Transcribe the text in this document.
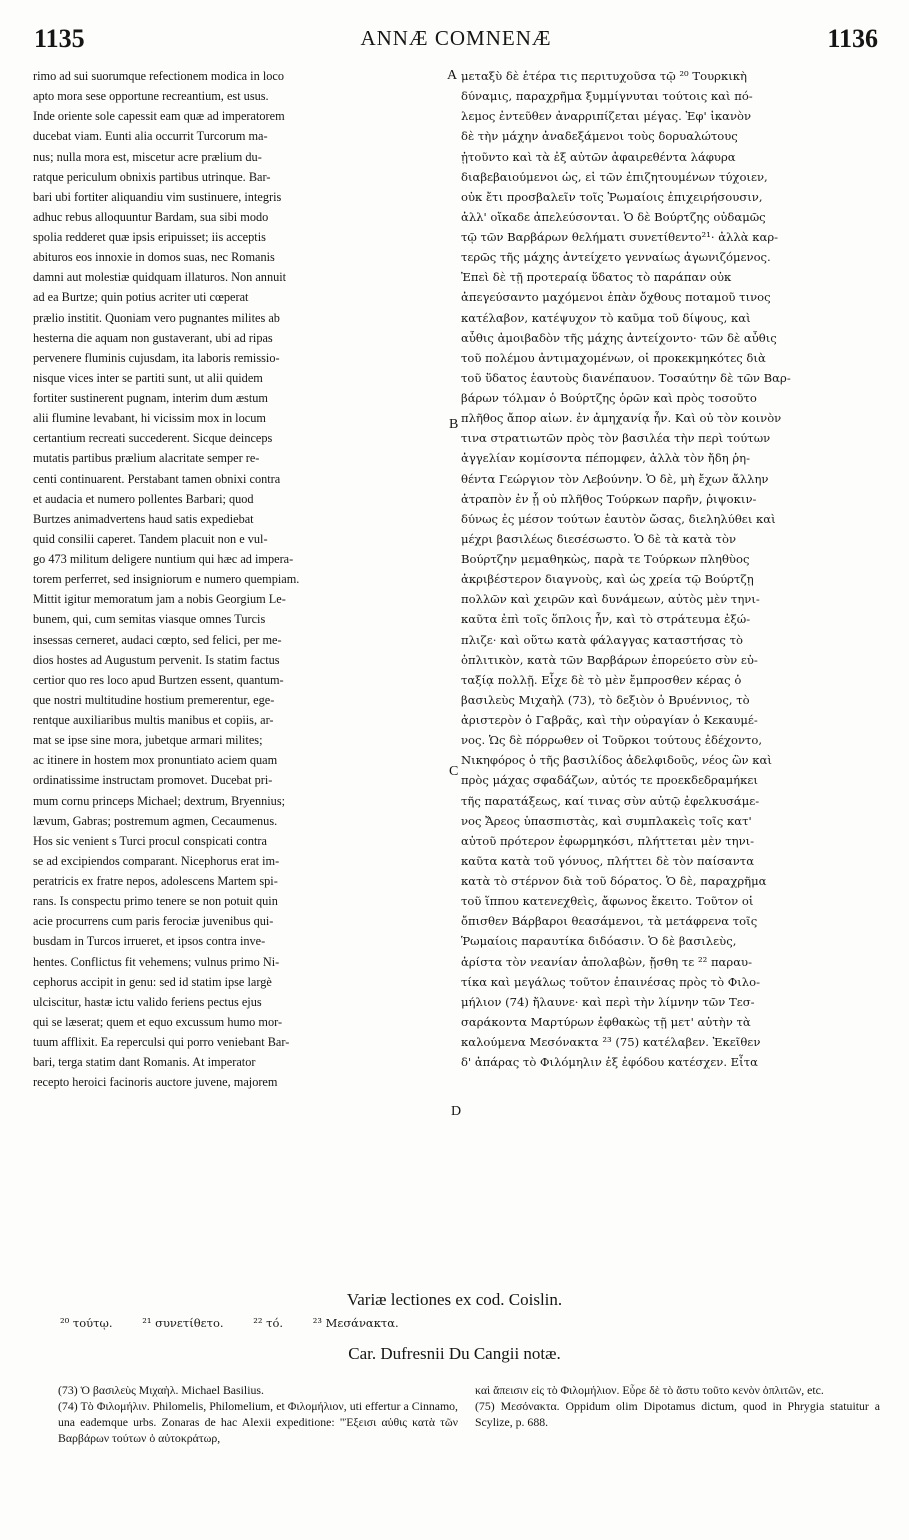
1135	ANNÆ COMNENÆ	1136
rimo ad sui suorumque refectionem modica in loco
apto mora sese opportune recreantium, est usus.
Inde oriente sole capessit eam quæ ad imperatorem
ducebat viam. Eunti alia occurrit Turcorum ma-
nus; nulla mora est, miscetur acre prælium du-
ratque periculum obnixis partibus utrinque. Bar-
bari ubi fortiter aliquandiu vim sustinuere, integris
adhuc rebus alloquuntur Bardam, sua sibi modo
spolia redderet quæ ipsis eripuisset; iis acceptis
abituros eos innoxie in domos suas, nec Romanis
damni aut molestiæ quidquam illaturos. Non annuit
ad ea Burtze; quin potius acriter uti cœperat
prælio institit. Quoniam vero pugnantes milites ab
hesterna die aquam non gustaverant, ubi ad ripas
pervenere fluminis cujusdam, ita laboris remissio-
nisque vices inter se partiti sunt, ut alii quidem
fortiter sustinerent pugnam, interim dum æstum
alii flumine levabant, hi vicissim mox in locum
certantium recreati succederent. Sicque deinceps
mutatis partibus prælium alacritate semper re-
centi continuarent. Perstabant tamen obnixi contra
et audacia et numero pollentes Barbari; quod
Burtzes animadvertens haud satis expediebat
quid consilii caperet. Tandem placuit non e vul-
go 473 militum deligere nuntium qui hæc ad impera-
torem perferret, sed insigniorum e numero quempiam.
Mittit igitur memoratum jam a nobis Georgium Le-
bunem, qui, cum semitas viasque omnes Turcis
insessas cerneret, audaci cœpto, sed felici, per me-
dios hostes ad Augustum pervenit. Is statim factus
certior quo res loco apud Burtzen essent, quantum-
que nostri multitudine hostium premerentur, ege-
rentque auxiliaribus multis manibus et copiis, ar-
mat se ipse sine mora, jubetque armari milites;
ac itinere in hostem mox pronuntiato aciem quam
ordinatissime instructam promovet. Ducebat pri-
mum cornu princeps Michael; dextrum, Bryennius;
lævum, Gabras; postremum agmen, Cecaumenus.
Hos sic venient s Turci procul conspicati contra
se ad excipiendos comparant. Nicephorus erat im-
peratricis ex fratre nepos, adolescens Martem spi-
rans. Is conspectu primo tenere se non potuit quin
acie procurrens cum paris ferociæ juvenibus qui-
busdam in Turcos irrueret, et ipsos contra inve-
hentes. Conflictus fit vehemens; vulnus primo Ni-
cephorus accipit in genu: sed id statim ipse largè
ulciscitur, hastæ ictu valido feriens pectus ejus
qui se læserat; quem et equo excussum humo mor-
tuum afflixit. Ea reperculsi qui porro veniebant Bar-
bari, terga statim dant Romanis. At imperator
recepto heroici facinoris auctore juvene, majorem
μεταξὺ δὲ ἑτέρα τις περιτυχοῦσα τῷ ²⁰ Τουρκικὴ
δύναμις, παραχρῆμα ξυμμίγνυται τούτοις καὶ πό-
λεμος ἐντεῦθεν ἀναρριπίζεται μέγας. Ἐφ' ἱκανὸν
δὲ τὴν μάχην ἀναδεξάμενοι τοὺς δορυαλώτους
ᾐτοῦντο καὶ τὰ ἐξ αὐτῶν ἀφαιρεθέντα λάφυρα
διαβεβαιούμενοι ὡς, εἰ τῶν ἐπιζητουμένων τύχοιεν,
οὐκ ἔτι προσβαλεῖν τοῖς Ῥωμαίοις ἐπιχειρήσουσιν,
ἀλλ' οἴκαδε ἀπελεύσονται. Ὁ δὲ Βούρτζης οὐδαμῶς
τῷ τῶν Βαρβάρων θελήματι συνετίθεντο²¹· ἀλλὰ καρ-
τερῶς τῆς μάχης ἀντείχετο γενναίως ἀγωνιζόμενος.
Ἐπεὶ δὲ τῇ προτεραίᾳ ὕδατος τὸ παράπαν οὐκ
ἀπεγεύσαντο μαχόμενοι ἐπὰν ὄχθους ποταμοῦ τινος
κατέλαβον, κατέψυχον τὸ καῦμα τοῦ δίψους, καὶ
αὖθις ἀμοιβαδὸν τῆς μάχης ἀντείχοντο· τῶν δὲ αὖθις
τοῦ πολέμου ἀντιμαχομένων, οἱ προκεκμηκότες διὰ
τοῦ ὕδατος ἑαυτοὺς διανέπαυον. Τοσαύτην δὲ τῶν Βαρ-
βάρων τόλμαν ὁ Βούρτζης ὁρῶν καὶ πρὸς τοσοῦτο
πλῆθος ἄπορ αἰων. ἐν ἀμηχανίᾳ ἦν. Καὶ οὐ τὸν κοινὸν
τινα στρατιωτῶν πρὸς τὸν βασιλέα τὴν περὶ τούτων
ἀγγελίαν κομίσοντα πέπομφεν, ἀλλὰ τὸν ἤδη ῥη-
θέντα Γεώργιον τὸν Λεβούνην. Ὁ δὲ, μὴ ἔχων ἄλλην
ἀτραπὸν ἐν ᾗ οὐ πλῆθος Τούρκων παρῆν, ῥιψοκιν-
δύνως ἐς μέσον τούτων ἑαυτὸν ὤσας, διεληλύθει καὶ
μέχρι βασιλέως διεσέσωστο. Ὁ δὲ τὰ κατὰ τὸν
Βούρτζην μεμαθηκὼς, παρὰ τε Τούρκων πληθὺος
ἀκριβέστερον διαγνοὺς, καὶ ὡς χρεία τῷ Βούρτζῃ
πολλῶν καὶ χειρῶν καὶ δυνάμεων, αὐτὸς μὲν τηνι-
καῦτα ἐπὶ τοῖς ὅπλοις ἦν, καὶ τὸ στράτευμα ἐξώ-
πλιζε· καὶ οὕτω κατὰ φάλαγγας καταστήσας τὸ
ὁπλιτικὸν, κατὰ τῶν Βαρβάρων ἐπορεύετο σὺν εὐ-
ταξίᾳ πολλῇ. Εἶχε δὲ τὸ μὲν ἔμπροσθεν κέρας ὁ
βασιλεὺς Μιχαὴλ (73), τὸ δεξιὸν ὁ Βρυέννιος, τὸ
ἀριστερὸν ὁ Γαβρᾶς, καὶ τὴν οὐραγίαν ὁ Κεκαυμέ-
νος. Ὡς δὲ πόρρωθεν οἱ Τοῦρκοι τούτους ἐδέχοντο,
Νικηφόρος ὁ τῆς βασιλίδος ἀδελφιδοῦς, νέος ὢν καὶ
πρὸς μάχας σφαδάζων, αὐτός τε προεκδεδραμήκει
τῆς παρατάξεως, καί τινας σὺν αὐτῷ ἐφελκυσάμε-
νος Ἄρεος ὑπασπιστὰς, καὶ συμπλακεὶς τοῖς κατ'
αὐτοῦ πρότερον ἐφωρμηκόσι, πλήττεται μὲν τηνι-
καῦτα κατὰ τοῦ γόνυος, πλήττει δὲ τὸν παίσαντα
κατὰ τὸ στέρνον διὰ τοῦ δόρατος. Ὁ δὲ, παραχρῆμα
τοῦ ἵππου κατενεχθεὶς, ἄφωνος ἔκειτο. Τοῦτον οἱ
ὄπισθεν Βάρβαροι θεασάμενοι, τὰ μετάφρενα τοῖς
Ῥωμαίοις παραυτίκα διδόασιν. Ὁ δὲ βασιλεὺς,
ἀρίστα τὸν νεανίαν ἀπολαβὼν, ᾔσθη τε ²² παραυ-
τίκα καὶ μεγάλως τοῦτον ἐπαινέσας πρὸς τὸ Φιλο-
μήλιον (74) ἤλαυνε· καὶ περὶ τὴν λίμνην τῶν Τεσ-
σαράκοντα Μαρτύρων ἐφθακὼς τῇ μετ' αὐτὴν τὰ
καλούμενα Μεσόνακτα ²³ (75) κατέλαβεν. Ἐκεῖθεν
δ' ἀπάρας τὸ Φιλόμηλιν ἐξ ἐφόδου κατέσχεν. Εἶτα
A
B
C
D
Variæ lectiones ex cod. Coislin.
²⁰ τούτῳ.	²¹ συνετίθετο.	²² τό.	²³ Μεσάνακτα.
Car. Dufresnii Du Cangii notæ.

(73) Ὁ βασιλεὺς Μιχαὴλ. Michael Basilius.

(74) Τὸ Φιλομήλιν. Philomelis, Philomelium, et Φιλομήλιον, uti effertur a Cinnamo, una eademque urbs. Zonaras de hac Alexii expeditione: "Ἐξεισι αὐθις κατὰ τῶν Βαρβάρων τούτων ὁ αὐτοκράτωρ,

καὶ ἄπεισιν εἰς τὸ Φιλομήλιον. Εὗρε δὲ τὸ ἄστυ τοῦτο κενὸν ὁπλιτῶν, etc.

(75) Μεσόνακτα. Oppidum olim Dipotamus dictum, quod in Phrygia statuitur a Scylize, p. 688.
